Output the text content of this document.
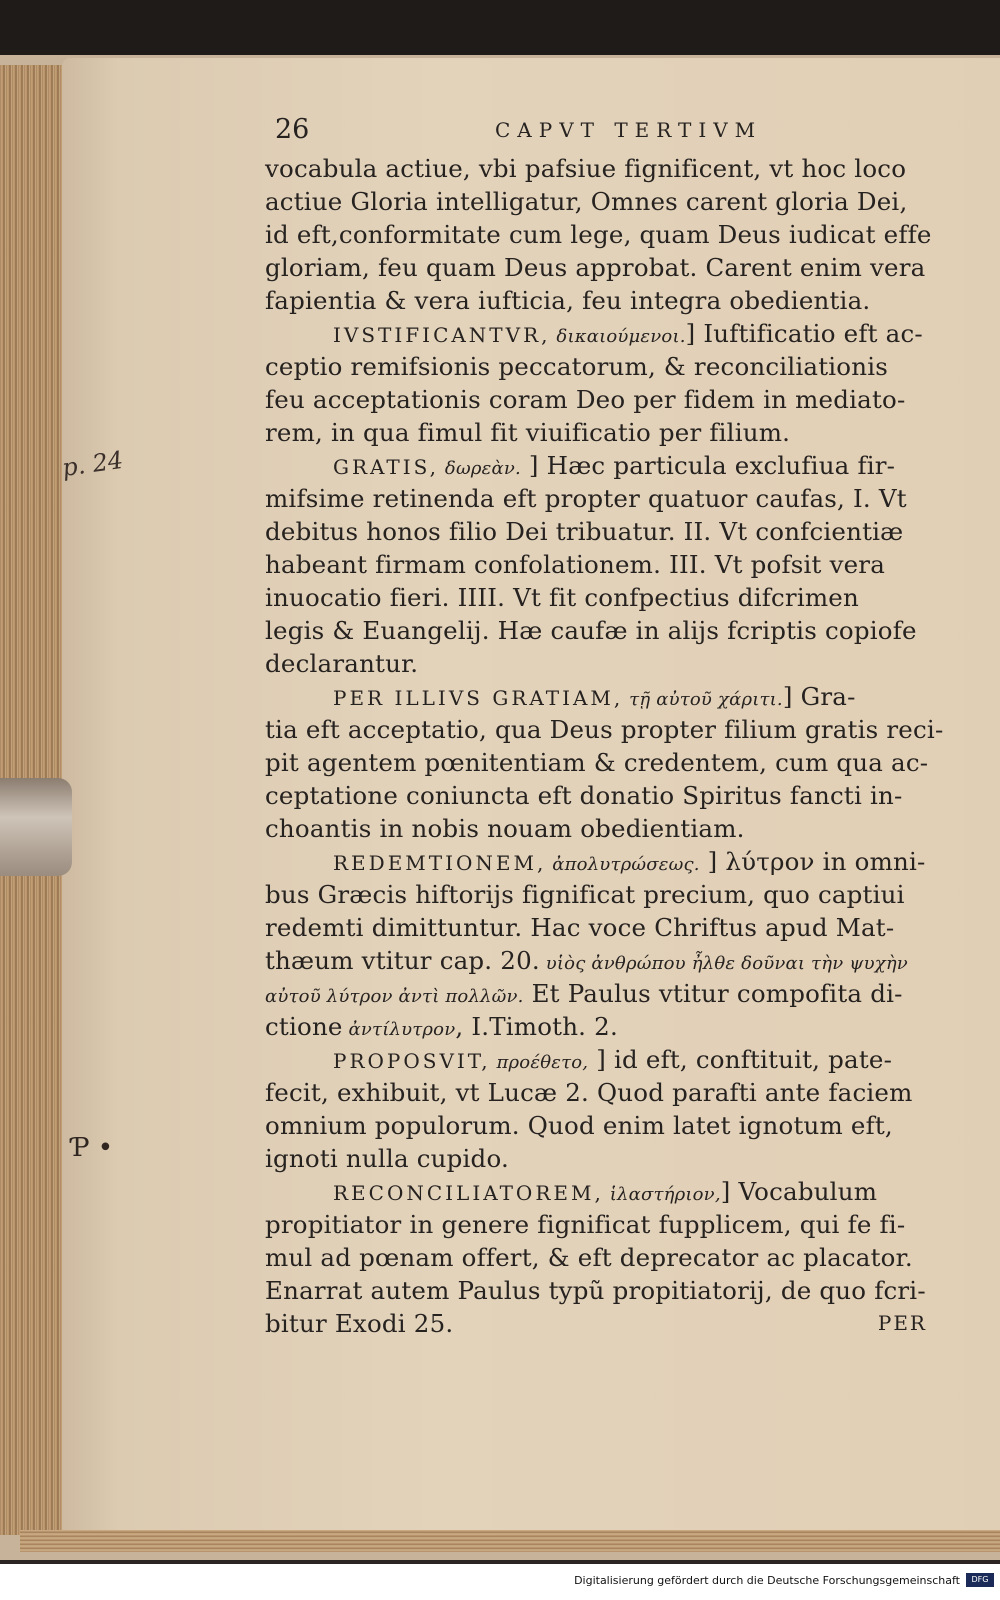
p. 24
Ƥ •
26	CAPVT TERTIVM
vocabula actiue, vbi pafsiue fignificent, vt hoc loco
actiue Gloria intelligatur, Omnes carent gloria Dei,
id eft,conformitate cum lege, quam Deus iudicat effe
gloriam, feu quam Deus approbat. Carent enim vera
fapientia & vera iufticia, feu integra obedientia.
IVSTIFICANTVR, δικαιούμενοι.] Iuftificatio eft ac-
ceptio remifsionis peccatorum, & reconciliationis
feu acceptationis coram Deo per fidem in mediato-
rem, in qua fimul fit viuificatio per filium.
GRATIS, δωρεὰν. ] Hæc particula exclufiua fir-
mifsime retinenda eft propter quatuor caufas, I. Vt
debitus honos filio Dei tribuatur. II. Vt confcientiæ
habeant firmam confolationem. III. Vt pofsit vera
inuocatio fieri. IIII. Vt fit confpectius difcrimen
legis & Euangelij. Hæ caufæ in alijs fcriptis copiofe
declarantur.
PER ILLIVS GRATIAM, τῇ αὐτοῦ χάριτι.] Gra-
tia eft acceptatio, qua Deus propter filium gratis reci-
pit agentem pœnitentiam & credentem, cum qua ac-
ceptatione coniuncta eft donatio Spiritus fancti in-
choantis in nobis nouam obedientiam.
REDEMTIONEM, ἀπολυτρώσεως. ] λύτρον in omni-
bus Græcis hiftorijs fignificat precium, quo captiui
redemti dimittuntur. Hac voce Chriftus apud Mat-
thæum vtitur cap. 20. υἱὸς ἀνθρώπου ἦλθε δοῦναι τὴν ψυχὴν
αὐτοῦ λύτρον ἀντὶ πολλῶν. Et Paulus vtitur compofita di-
ctione ἀντίλυτρον, I.Timoth. 2.
PROPOSVIT, προέθετο, ] id eft, conftituit, pate-
fecit, exhibuit, vt Lucæ 2. Quod parafti ante faciem
omnium populorum. Quod enim latet ignotum eft,
ignoti nulla cupido.
RECONCILIATOREM, ἱλαστήριον,] Vocabulum
propitiator in genere fignificat fupplicem, qui fe fi-
mul ad pœnam offert, & eft deprecator ac placator.
Enarrat autem Paulus typũ propitiatorij, de quo fcri-
bitur Exodi 25.	PER
Digitalisierung gefördert durch die Deutsche Forschungsgemeinschaft	DFG
